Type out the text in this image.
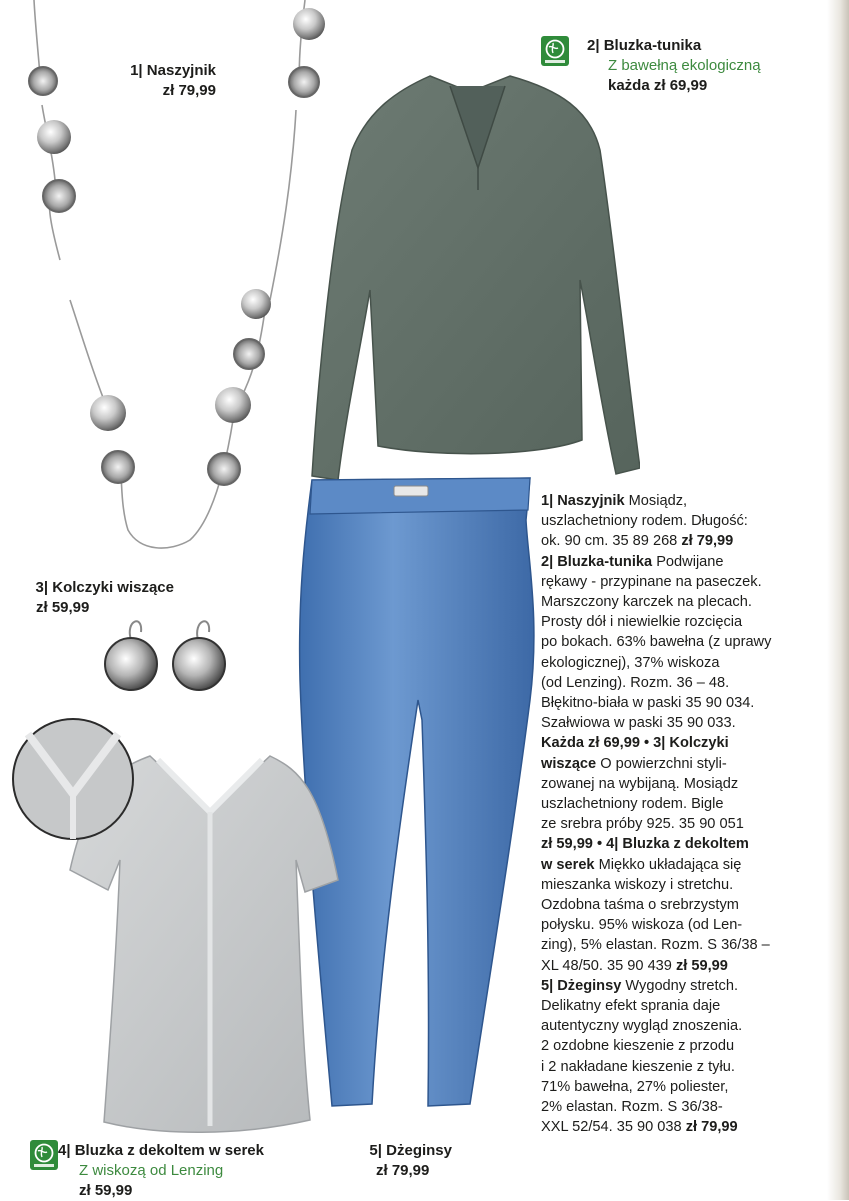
1| Naszyjnik
zł 79,99
2| Bluzka-tunika
Z bawełną ekologiczną
każda zł 69,99
3| Kolczyki wiszące
zł 59,99
4| Bluzka z dekoltem w serek
Z wiskozą od Lenzing
zł 59,99
5| Dżeginsy
zł 79,99
1| Naszyjnik Mosiądz,
uszlachetniony rodem. Długość:
ok. 90 cm. 35 89 268 zł 79,99
2| Bluzka-tunika Podwijane
rękawy - przypinane na paseczek.
Marszczony karczek na plecach.
Prosty dół i niewielkie rozcięcia
po bokach. 63% bawełna (z uprawy
ekologicznej), 37% wiskoza
(od Lenzing). Rozm. 36 – 48.
Błękitno-biała w paski 35 90 034.
Szałwiowa w paski 35 90 033.
Każda zł 69,99 • 3| Kolczyki
wiszące O powierzchni styli-
zowanej na wybijaną. Mosiądz
uszlachetniony rodem. Bigle
ze srebra próby 925. 35 90 051
zł 59,99 • 4| Bluzka z dekoltem
w serek Miękko układająca się
mieszanka wiskozy i stretchu.
Ozdobna taśma o srebrzystym
połysku. 95% wiskoza (od Len-
zing), 5% elastan. Rozm. S 36/38 –
XL 48/50. 35 90 439 zł 59,99
5| Dżeginsy Wygodny stretch.
Delikatny efekt sprania daje
autentyczny wygląd znoszenia.
2 ozdobne kieszenie z przodu
i 2 nakładane kieszenie z tyłu.
71% bawełna, 27% poliester,
2% elastan. Rozm. S 36/38-
XXL 52/54. 35 90 038 zł 79,99
